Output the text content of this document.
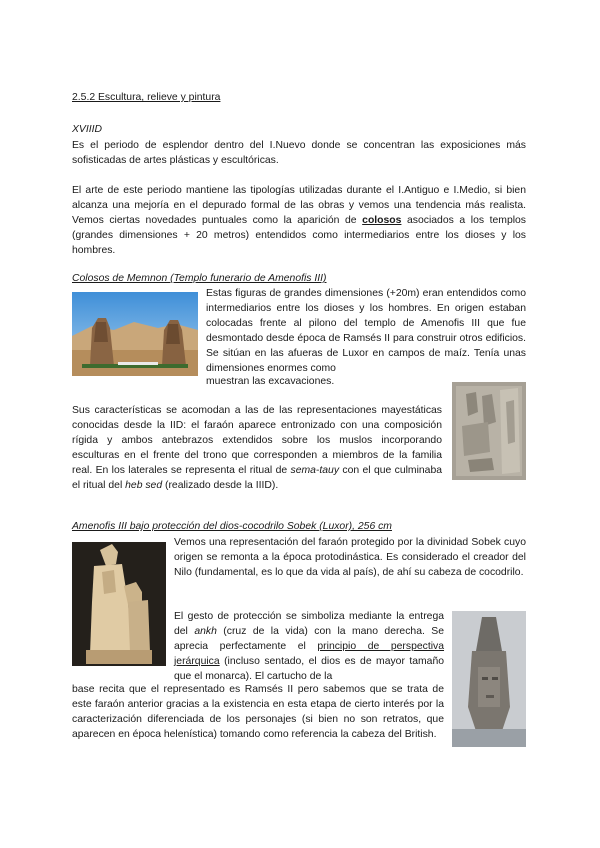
2.5.2 Escultura, relieve y pintura

XVIIID

Es el periodo de esplendor dentro del I.Nuevo donde se concentran las exposiciones más sofisticadas de artes plásticas y escultóricas.

El arte de este periodo mantiene las tipologías utilizadas durante el I.Antiguo e I.Medio, si bien alcanza una mejoría en el depurado formal de las obras y vemos una tendencia más realista. Vemos ciertas novedades puntuales como la aparición de colosos asociados a los templos (grandes dimensiones + 20 metros) entendidos como intermediarios entre los dioses y los hombres.

Colosos de Memnon (Templo funerario de Amenofis III)

Estas figuras de grandes dimensiones (+20m) eran entendidos como intermediarios entre los dioses y los hombres. En origen estaban colocadas frente al pilono del templo de Amenofis III que fue desmontado desde época de Ramsés II para construir otros edificios. Se sitúan en las afueras de Luxor en campos de maíz. Tenía unas dimensiones enormes como

muestran las excavaciones.

Sus características se acomodan a las de las representaciones mayestáticas conocidas desde la IID: el faraón aparece entronizado con una composición rígida y ambos antebrazos extendidos sobre los muslos incorporando esculturas en el frente del trono que corresponden a miembros de la familia real. En los laterales se representa el ritual de sema-tauy con el que culminaba el ritual del heb sed (realizado desde la IIID).

Amenofis III bajo protección del dios-cocodrilo Sobek (Luxor), 256 cm

Vemos una representación del faraón protegido por la divinidad Sobek cuyo origen se remonta a la época protodinástica. Es considerado el creador del Nilo (fundamental, es lo que da vida al país), de ahí su cabeza de cocodrilo.

El gesto de protección se simboliza mediante la entrega del ankh (cruz de la vida) con la mano derecha. Se aprecia perfectamente el principio de perspectiva jerárquica (incluso sentado, el dios es de mayor tamaño que el monarca). El cartucho de la

base recita que el representado es Ramsés II pero sabemos que se trata de este faraón anterior gracias a la existencia en esta etapa de cierto interés por la caracterización diferenciada de los personajes (si bien no son retratos, que aparecen en época helenística) tomando como referencia la cabeza del British.
